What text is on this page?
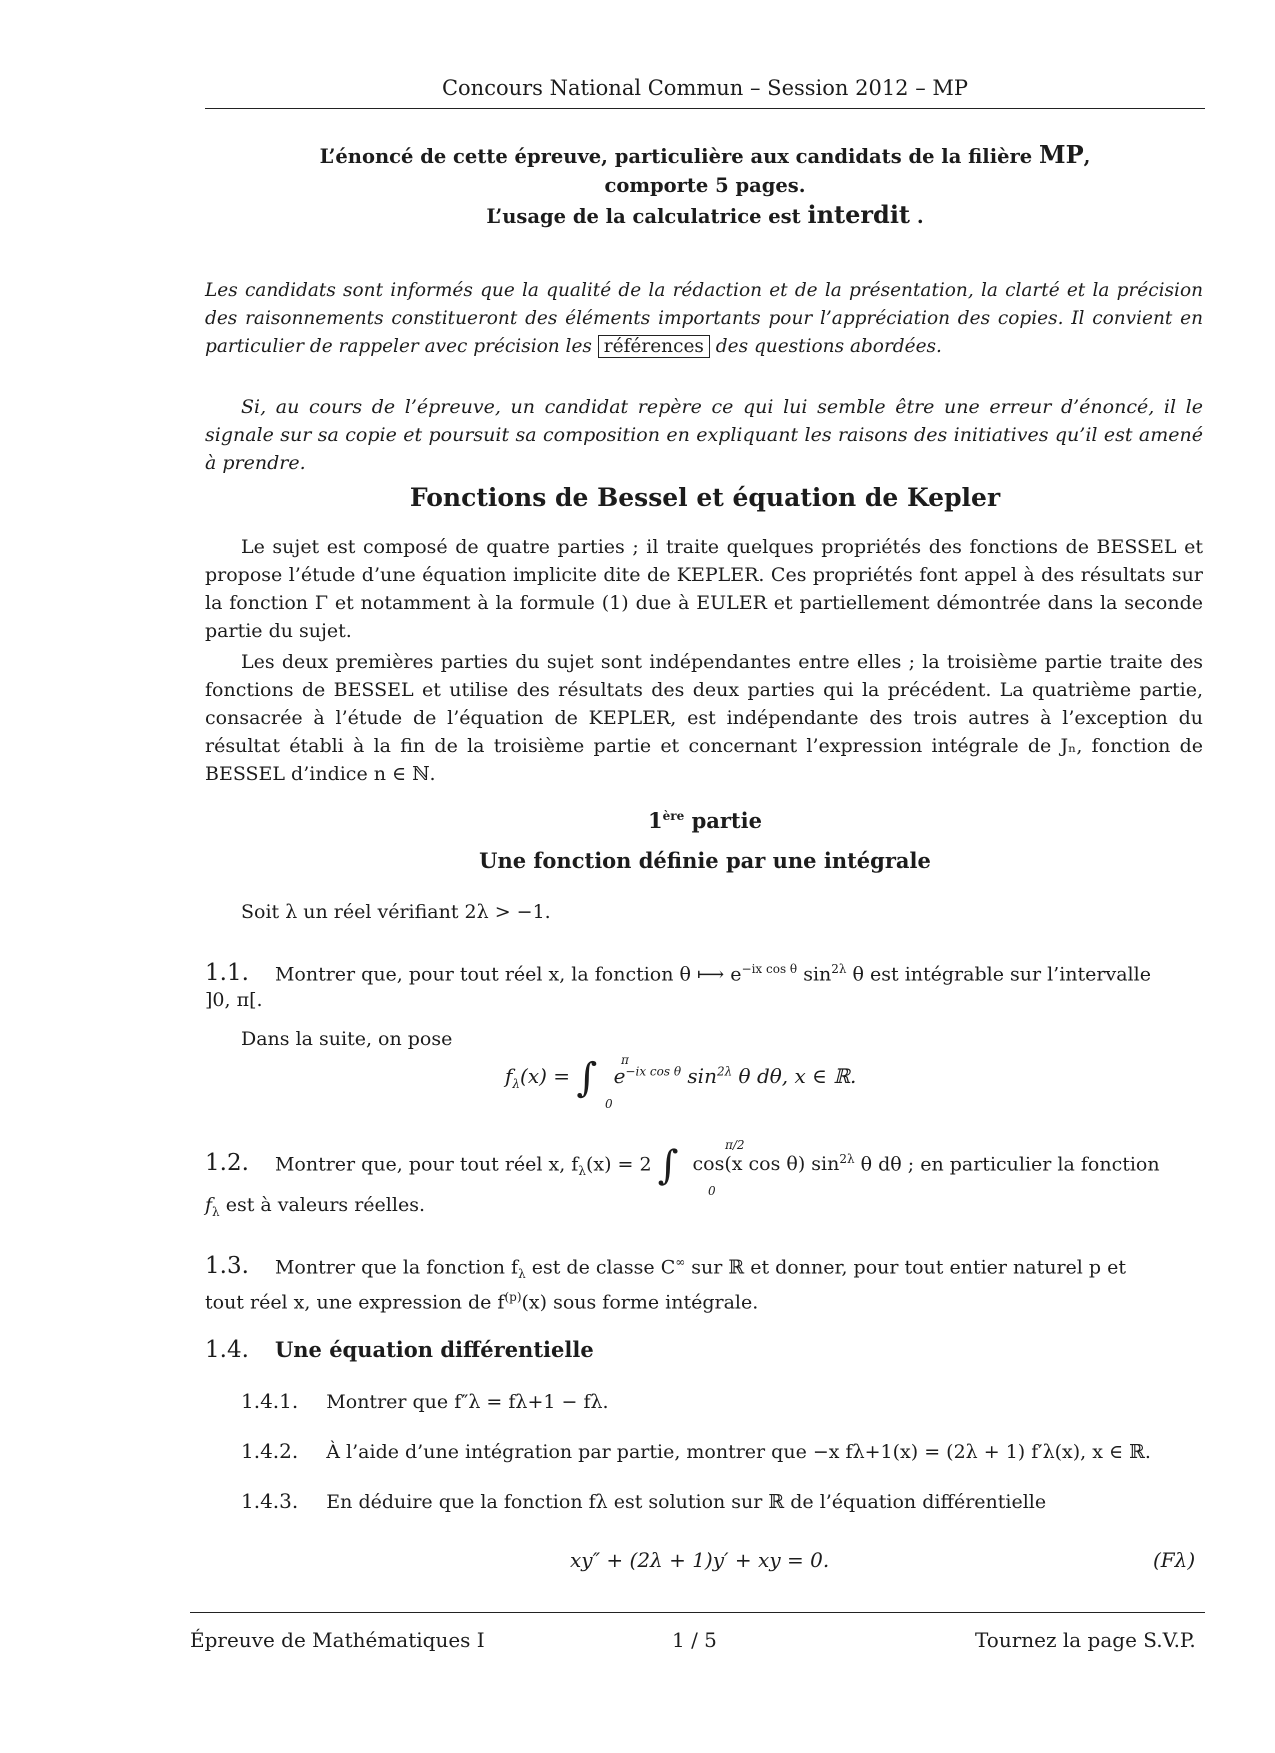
Concours National Commun – Session 2012 – MP
L’énoncé de cette épreuve, particulière aux candidats de la filière MP,
comporte 5 pages.
L’usage de la calculatrice est interdit .
Les candidats sont informés que la qualité de la rédaction et de la présentation, la clarté et la précision des raisonnements constitueront des éléments importants pour l’appréciation des copies. Il convient en particulier de rappeler avec précision les références des questions abordées.
Si, au cours de l’épreuve, un candidat repère ce qui lui semble être une erreur d’énoncé, il le signale sur sa copie et poursuit sa composition en expliquant les raisons des initiatives qu’il est amené à prendre.
Fonctions de Bessel et équation de Kepler
Le sujet est composé de quatre parties ; il traite quelques propriétés des fonctions de BESSEL et propose l’étude d’une équation implicite dite de KEPLER. Ces propriétés font appel à des résultats sur la fonction Γ et notamment à la formule (1) due à EULER et partiellement démontrée dans la seconde partie du sujet.
Les deux premières parties du sujet sont indépendantes entre elles ; la troisième partie traite des fonctions de BESSEL et utilise des résultats des deux parties qui la précédent. La quatrième partie, consacrée à l’étude de l’équation de KEPLER, est indépendante des trois autres à l’exception du résultat établi à la fin de la troisième partie et concernant l’expression intégrale de Jₙ, fonction de BESSEL d’indice n ∈ ℕ.
1ère partie
Une fonction définie par une intégrale
Soit λ un réel vérifiant 2λ > −1.
1.1. Montrer que, pour tout réel x, la fonction θ ⟼ $e^{-ix cos \theta}$ $\sin^{2\lambda} \theta$ est intégrable sur l’intervalle
]0, π[.
Dans la suite, on pose
$f_\lambda(x)$ = ∫ π
0
$e^{-ix cos \theta}$ $\sin^{2\lambda} \theta$ dθ, x ∈ ℝ.
1.2. Montrer que, pour tout réel x, $f_\lambda(x) = 2$ ∫	π/2
0
cos(x cos θ) $\sin^{2\lambda} \theta$ dθ ; en particulier la fonction
$f_\lambda$ est à valeurs réelles.
1.3. Montrer que la fonction $f_\lambda$ est de classe C∞ sur ℝ et donner, pour tout entier naturel p et
tout réel x, une expression de $f^{(p)}(x)$ sous forme intégrale.
1.4. Une équation différentielle
1.4.1. Montrer que f″λ = fλ+1 − fλ.
1.4.2. À l’aide d’une intégration par partie, montrer que −x fλ+1(x) = (2λ + 1) f′λ(x), x ∈ ℝ.
1.4.3. En déduire que la fonction fλ est solution sur ℝ de l’équation différentielle
xy″ + (2λ + 1)y′ + xy = 0.	(Fλ)
Épreuve de Mathématiques I	1 / 5	Tournez la page S.V.P.
